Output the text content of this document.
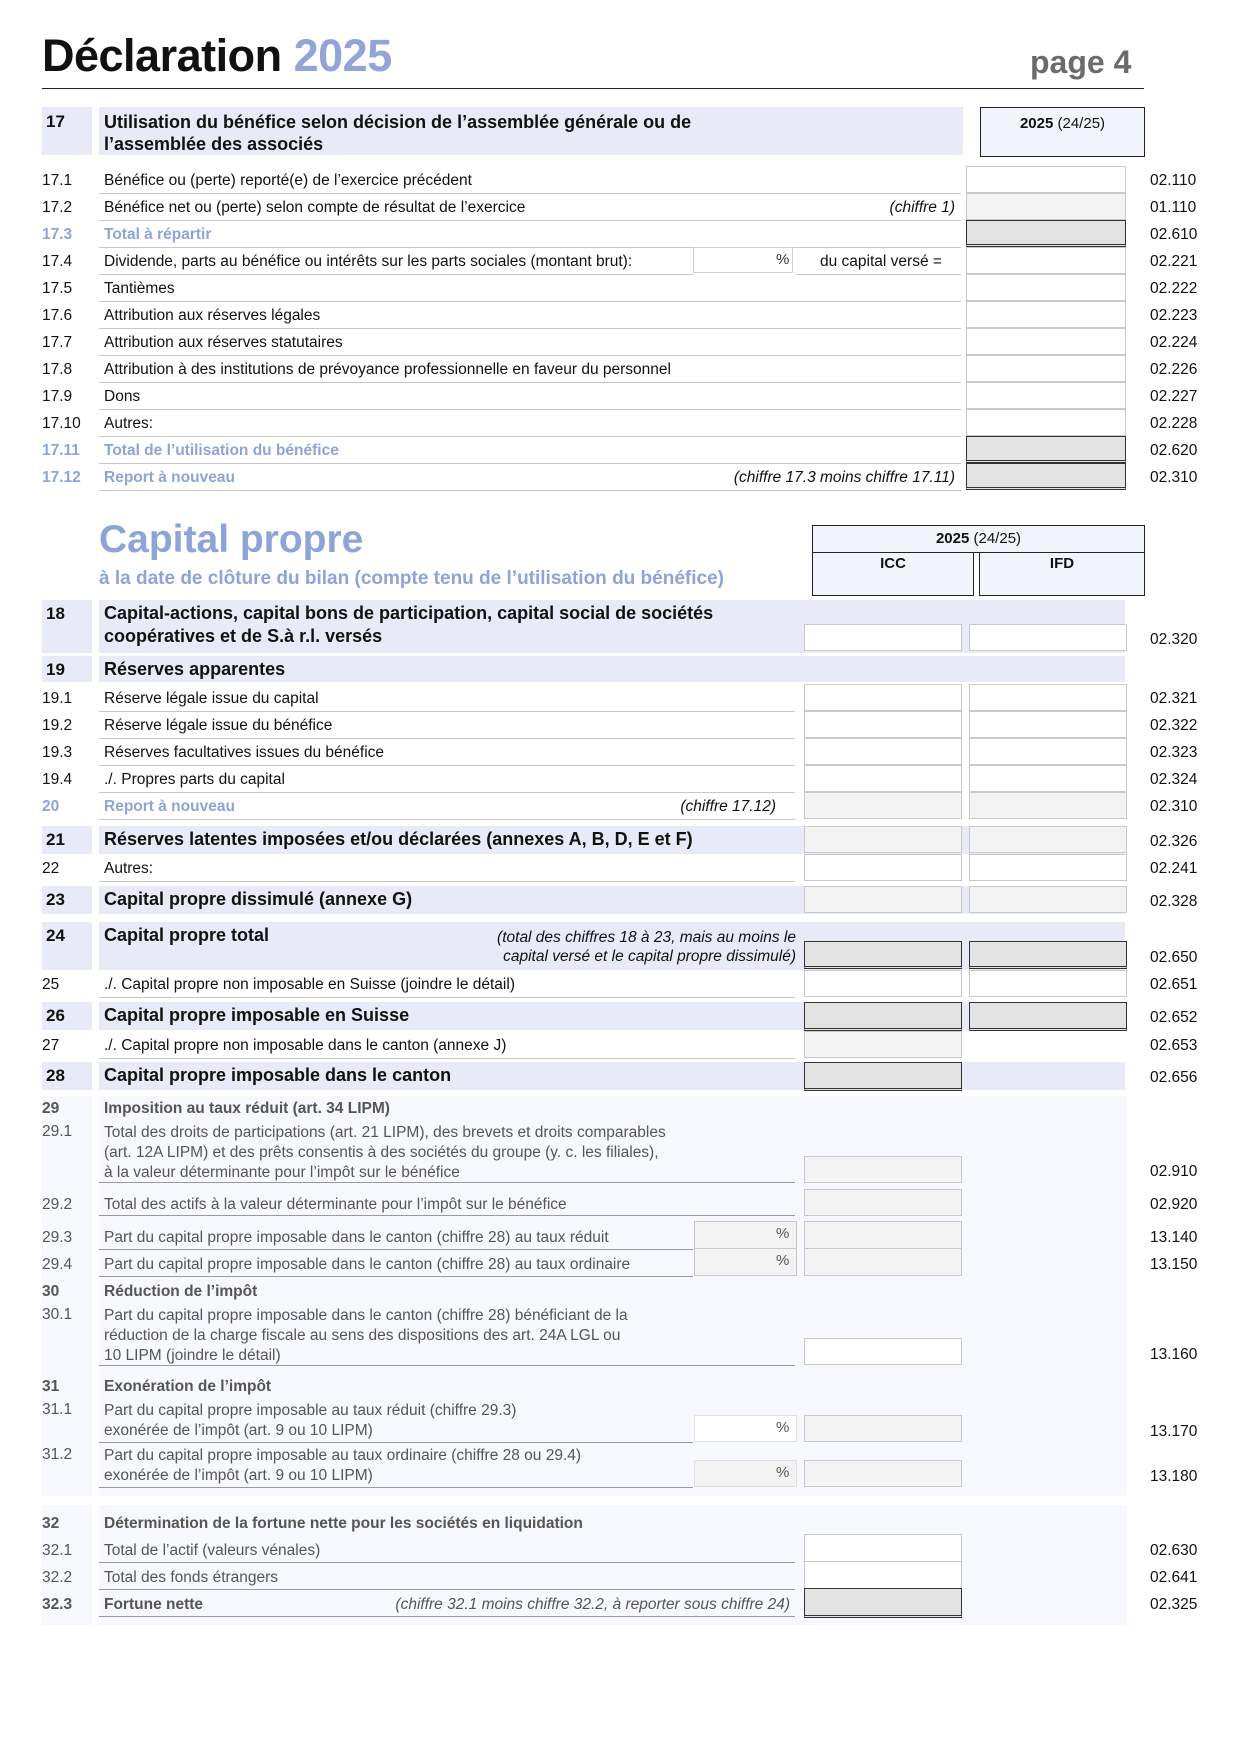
Déclaration 2025	page 4
17	Utilisation du bénéfice selon décision de l’assemblée générale ou de
l’assemblée des associés
2025 (24/25)
17.1	Bénéfice ou (perte) reporté(e) de l’exercice précédent	02.110
17.2	Bénéfice net ou (perte) selon compte de résultat de l’exercice	(chiffre 1)	01.110
17.3	Total à répartir	02.610
17.4	Dividende, parts au bénéfice ou intérêts sur les parts sociales (montant brut):	% du capital versé =	02.221
17.5	Tantièmes	02.222
17.6	Attribution aux réserves légales	02.223
17.7	Attribution aux réserves statutaires	02.224
17.8	Attribution à des institutions de prévoyance professionnelle en faveur du personnel	02.226
17.9	Dons	02.227
17.10	Autres:	02.228
17.11	Total de l’utilisation du bénéfice	02.620
17.12	Report à nouveau	(chiffre 17.3 moins chiffre 17.11)	02.310
Capital propre
à la date de clôture du bilan (compte tenu de l’utilisation du bénéfice)
2025 (24/25)
ICC	IFD
18	Capital-actions, capital bons de participation, capital social de sociétés
coopératives et de S.à r.l. versés	02.320
19	Réserves apparentes
19.1	Réserve légale issue du capital	02.321
19.2	Réserve légale issue du bénéfice	02.322
19.3	Réserves facultatives issues du bénéfice	02.323
19.4	./. Propres parts du capital	02.324
20	Report à nouveau	(chiffre 17.12)	02.310
21	Réserves latentes imposées et/ou déclarées (annexes A, B, D, E et F)	02.326
22	Autres:	02.241
23	Capital propre dissimulé (annexe G)	02.328
24	Capital propre total	(total des chiffres 18 à 23, mais au moins le
capital versé et le capital propre dissimulé)	02.650
25	./. Capital propre non imposable en Suisse (joindre le détail)	02.651
26	Capital propre imposable en Suisse	02.652
27	./. Capital propre non imposable dans le canton (annexe J)	02.653
28	Capital propre imposable dans le canton	02.656
29	Imposition au taux réduit (art. 34 LIPM)
29.1	Total des droits de participations (art. 21 LIPM), des brevets et droits comparables
(art. 12A LIPM) et des prêts consentis à des sociétés du groupe (y. c. les filiales),
à la valeur déterminante pour l’impôt sur le bénéfice	02.910
29.2	Total des actifs à la valeur déterminante pour l’impôt sur le bénéfice	02.920
29.3	Part du capital propre imposable dans le canton (chiffre 28) au taux réduit	%	13.140
29.4	Part du capital propre imposable dans le canton (chiffre 28) au taux ordinaire	%	13.150
30	Réduction de l’impôt
30.1	Part du capital propre imposable dans le canton (chiffre 28) bénéficiant de la
réduction de la charge fiscale au sens des dispositions des art. 24A LGL ou
10 LIPM (joindre le détail)	13.160
31	Exonération de l’impôt
31.1	Part du capital propre imposable au taux réduit (chiffre 29.3)
exonérée de l’impôt (art. 9 ou 10 LIPM)	%	13.170
31.2	Part du capital propre imposable au taux ordinaire (chiffre 28 ou 29.4)
exonérée de l’impôt (art. 9 ou 10 LIPM)	%	13.180
32	Détermination de la fortune nette pour les sociétés en liquidation
32.1	Total de l’actif (valeurs vénales)	02.630
32.2	Total des fonds étrangers	02.641
32.3	Fortune nette	(chiffre 32.1 moins chiffre 32.2, à reporter sous chiffre 24)	02.325
